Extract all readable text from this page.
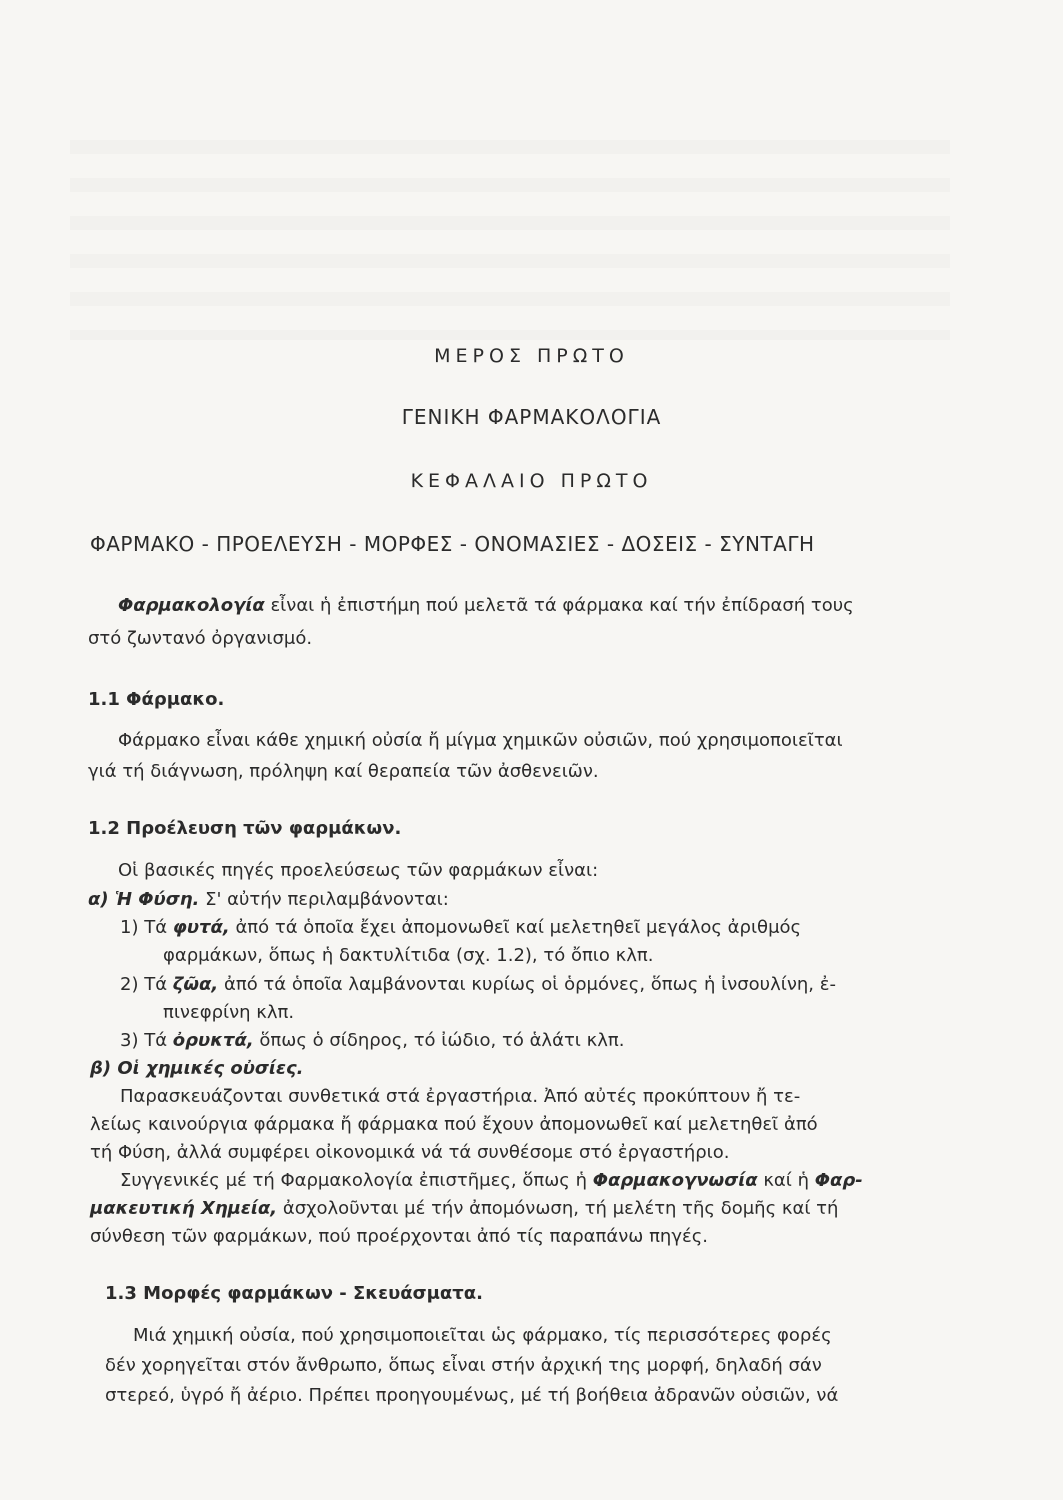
ΜΕΡΟΣ ΠΡΩΤΟ
ΓΕΝΙΚΗ ΦΑΡΜΑΚΟΛΟΓΙΑ
ΚΕΦΑΛΑΙΟ ΠΡΩΤΟ
ΦΑΡΜΑΚΟ - ΠΡΟΕΛΕΥΣΗ - ΜΟΡΦΕΣ - ΟΝΟΜΑΣΙΕΣ - ΔΟΣΕΙΣ - ΣΥΝΤΑΓΗ
Φαρμακολογία εἶναι ἡ ἐπιστήμη πού μελετᾶ τά φάρμακα καί τήν ἐπίδρασή τους
στό ζωντανό ὀργανισμό.
1.1 Φάρμακο.
Φάρμακο εἶναι κάθε χημική οὐσία ἤ μίγμα χημικῶν οὐσιῶν, πού χρησιμοποιεῖται
γιά τή διάγνωση, πρόληψη καί θεραπεία τῶν ἀσθενειῶν.
1.2 Προέλευση τῶν φαρμάκων.
Οἱ βασικές πηγές προελεύσεως τῶν φαρμάκων εἶναι:
α) Ἡ Φύση. Σ' αὐτήν περιλαμβάνονται:
1) Τά φυτά, ἀπό τά ὁποῖα ἔχει ἀπομονωθεῖ καί μελετηθεῖ μεγάλος ἀριθμός
φαρμάκων, ὅπως ἡ δακτυλίτιδα (σχ. 1.2), τό ὄπιο κλπ.
2) Τά ζῶα, ἀπό τά ὁποῖα λαμβάνονται κυρίως οἱ ὁρμόνες, ὅπως ἡ ἰνσουλίνη, ἐ-
πινεφρίνη κλπ.
3) Τά ὀρυκτά, ὅπως ὁ σίδηρος, τό ἰώδιο, τό ἁλάτι κλπ.
β) Οἱ χημικές οὐσίες.
Παρασκευάζονται συνθετικά στά ἐργαστήρια. Ἀπό αὐτές προκύπτουν ἤ τε-
λείως καινούργια φάρμακα ἤ φάρμακα πού ἔχουν ἀπομονωθεῖ καί μελετηθεῖ ἀπό
τή Φύση, ἀλλά συμφέρει οἰκονομικά νά τά συνθέσομε στό ἐργαστήριο.
Συγγενικές μέ τή Φαρμακολογία ἐπιστῆμες, ὅπως ἡ Φαρμακογνωσία καί ἡ Φαρ-
μακευτική Χημεία, ἀσχολοῦνται μέ τήν ἀπομόνωση, τή μελέτη τῆς δομῆς καί τή
σύνθεση τῶν φαρμάκων, πού προέρχονται ἀπό τίς παραπάνω πηγές.
1.3 Μορφές φαρμάκων - Σκευάσματα.
Μιά χημική οὐσία, πού χρησιμοποιεῖται ὡς φάρμακο, τίς περισσότερες φορές
δέν χορηγεῖται στόν ἄνθρωπο, ὅπως εἶναι στήν ἀρχική της μορφή, δηλαδή σάν
στερεό, ὑγρό ἤ ἀέριο. Πρέπει προηγουμένως, μέ τή βοήθεια ἀδρανῶν οὐσιῶν, νά
